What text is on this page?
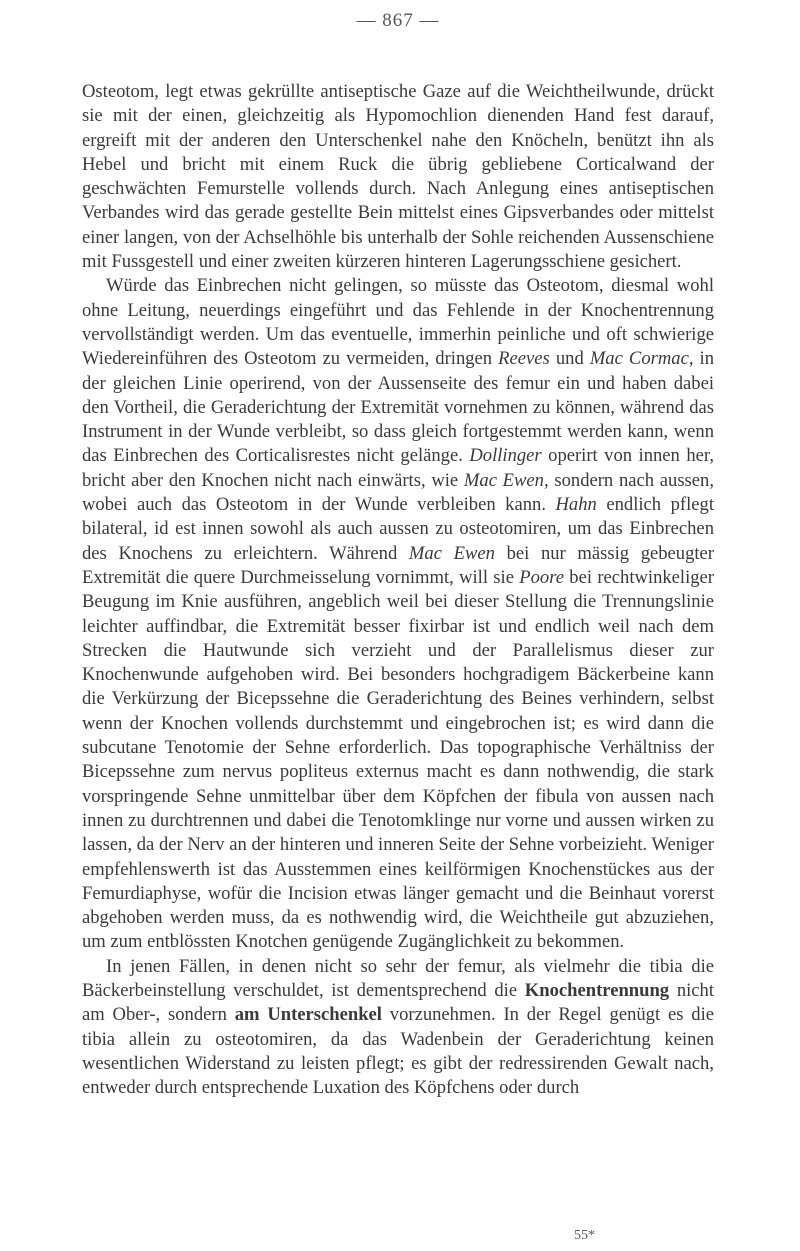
— 867 —

Osteotom, legt etwas gekrüllte antiseptische Gaze auf die Weichtheilwunde, drückt sie mit der einen, gleichzeitig als Hypomochlion dienenden Hand fest darauf, ergreift mit der anderen den Unterschenkel nahe den Knöcheln, benützt ihn als Hebel und bricht mit einem Ruck die übrig gebliebene Corticalwand der geschwächten Femurstelle vollends durch. Nach Anlegung eines antiseptischen Verbandes wird das gerade gestellte Bein mittelst eines Gipsverbandes oder mittelst einer langen, von der Achselhöhle bis unterhalb der Sohle reichenden Aussenschiene mit Fussgestell und einer zweiten kürzeren hinteren Lagerungsschiene gesichert.

Würde das Einbrechen nicht gelingen, so müsste das Osteotom, diesmal wohl ohne Leitung, neuerdings eingeführt und das Fehlende in der Knochentrennung vervollständigt werden. Um das eventuelle, immerhin peinliche und oft schwierige Wiedereinführen des Osteotom zu vermeiden, dringen Reeves und Mac Cormac, in der gleichen Linie operirend, von der Aussenseite des femur ein und haben dabei den Vortheil, die Geraderichtung der Extremität vornehmen zu können, während das Instrument in der Wunde verbleibt, so dass gleich fortgestemmt werden kann, wenn das Einbrechen des Corticalisrestes nicht gelänge. Dollinger operirt von innen her, bricht aber den Knochen nicht nach einwärts, wie Mac Ewen, sondern nach aussen, wobei auch das Osteotom in der Wunde verbleiben kann. Hahn endlich pflegt bilateral, id est innen sowohl als auch aussen zu osteotomiren, um das Einbrechen des Knochens zu erleichtern. Während Mac Ewen bei nur mässig gebeugter Extremität die quere Durchmeisselung vornimmt, will sie Poore bei rechtwinkeliger Beugung im Knie ausführen, angeblich weil bei dieser Stellung die Trennungslinie leichter auffindbar, die Extremität besser fixirbar ist und endlich weil nach dem Strecken die Hautwunde sich verzieht und der Parallelismus dieser zur Knochenwunde aufgehoben wird. Bei besonders hochgradigem Bäckerbeine kann die Verkürzung der Bicepssehne die Geraderichtung des Beines verhindern, selbst wenn der Knochen vollends durchstemmt und eingebrochen ist; es wird dann die subcutane Tenotomie der Sehne erforderlich. Das topographische Verhältniss der Bicepssehne zum nervus popliteus externus macht es dann nothwendig, die stark vorspringende Sehne unmittelbar über dem Köpfchen der fibula von aussen nach innen zu durchtrennen und dabei die Tenotomklinge nur vorne und aussen wirken zu lassen, da der Nerv an der hinteren und inneren Seite der Sehne vorbeizieht. Weniger empfehlenswerth ist das Ausstemmen eines keilförmigen Knochenstückes aus der Femurdiaphyse, wofür die Incision etwas länger gemacht und die Beinhaut vorerst abgehoben werden muss, da es nothwendig wird, die Weichtheile gut abzuziehen, um zum entblössten Knotchen genügende Zugänglichkeit zu bekommen.

In jenen Fällen, in denen nicht so sehr der femur, als vielmehr die tibia die Bäckerbeinstellung verschuldet, ist dementsprechend die Knochentrennung nicht am Ober-, sondern am Unterschenkel vorzunehmen. In der Regel genügt es die tibia allein zu osteotomiren, da das Wadenbein der Geraderichtung keinen wesentlichen Widerstand zu leisten pflegt; es gibt der redressirenden Gewalt nach, entweder durch entsprechende Luxation des Köpfchens oder durch

55*
